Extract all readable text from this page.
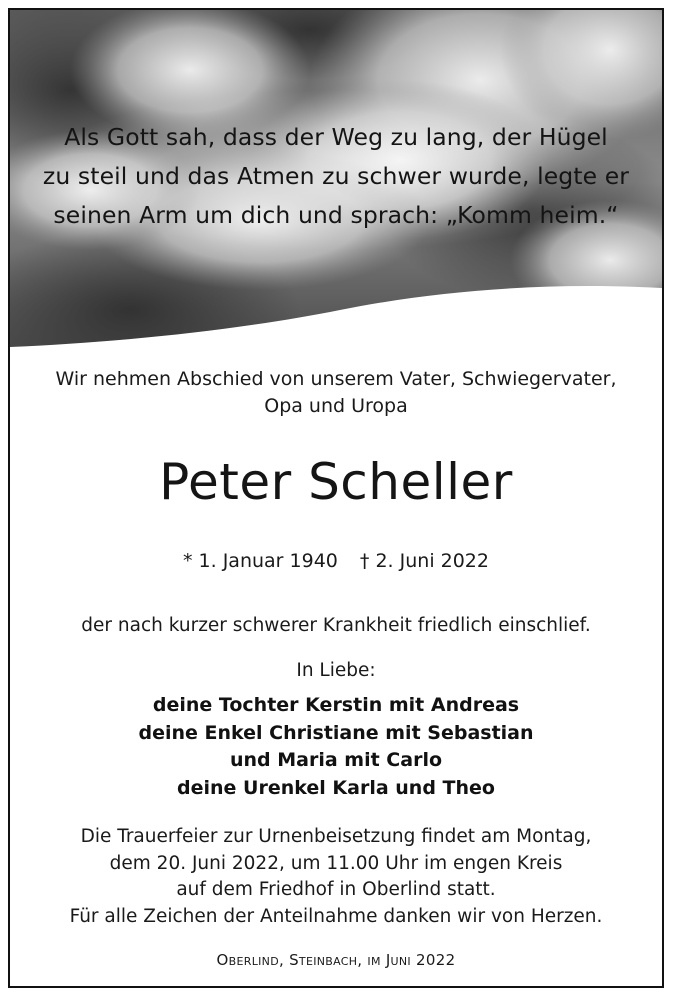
Als Gott sah, dass der Weg zu lang, der Hügel
zu steil und das Atmen zu schwer wurde, legte er
seinen Arm um dich und sprach: „Komm heim.“
Wir nehmen Abschied von unserem Vater, Schwiegervater,
Opa und Uropa
Peter Scheller
* 1. Januar 1940 † 2. Juni 2022
der nach kurzer schwerer Krankheit friedlich einschlief.
In Liebe:
deine Tochter Kerstin mit Andreas
deine Enkel Christiane mit Sebastian
und Maria mit Carlo
deine Urenkel Karla und Theo
Die Trauerfeier zur Urnenbeisetzung findet am Montag,
dem 20. Juni 2022, um 11.00 Uhr im engen Kreis
auf dem Friedhof in Oberlind statt.
Für alle Zeichen der Anteilnahme danken wir von Herzen.
Oberlind, Steinbach, im Juni 2022
